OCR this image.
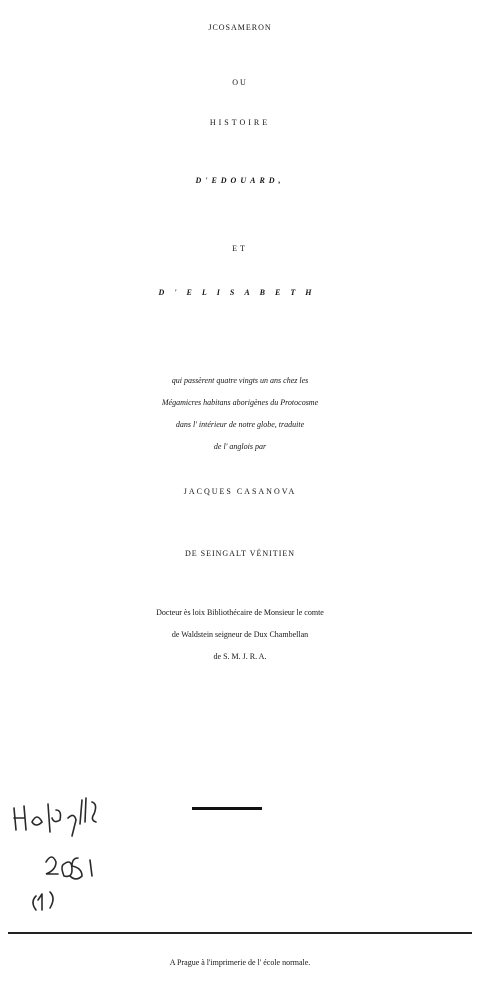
JCOSAMERON
OU
HISTOIRE
D'EDOUARD,
ET
D'ELISABETH
qui passèrent quatre vingts un ans chez les
Mégamicres habitans aborigènes du Protocosme
dans l' intérieur de notre globe, traduite
de l' anglois par
JACQUES CASANOVA
DE SEINGALT VÉNITIEN
Docteur ès loix Bibliothécaire de Monsieur le comte
de Waldstein seigneur de Dux Chambellan
de S. M. J. R. A.
A Prague à l'imprimerie de l' école normale.
